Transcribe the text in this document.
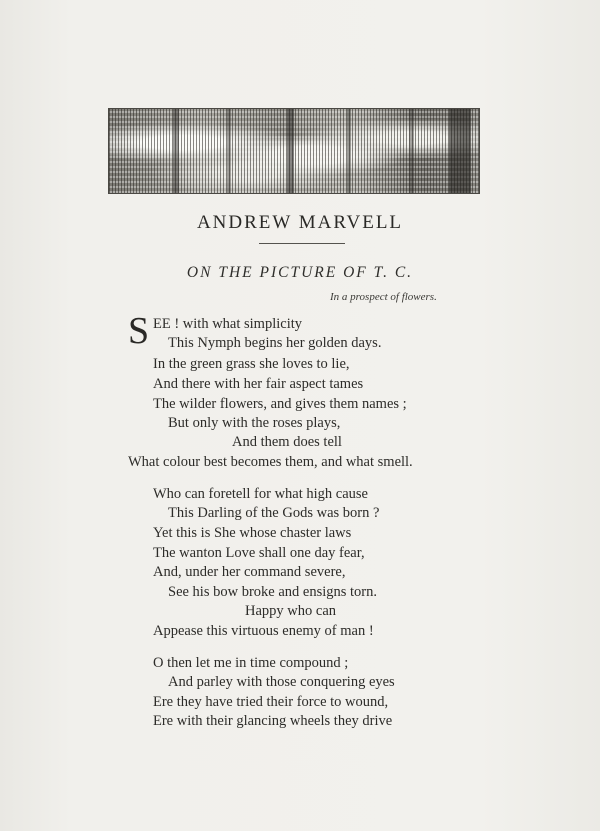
ANDREW MARVELL
ON THE PICTURE OF T. C.
In a prospect of flowers.
S EE ! with what simplicity
This Nymph begins her golden days.
In the green grass she loves to lie,
And there with her fair aspect tames
The wilder flowers, and gives them names ;
But only with the roses plays,
And them does tell
What colour best becomes them, and what smell.
Who can foretell for what high cause
This Darling of the Gods was born ?
Yet this is She whose chaster laws
The wanton Love shall one day fear,
And, under her command severe,
See his bow broke and ensigns torn.
Happy who can
Appease this virtuous enemy of man !
O then let me in time compound ;
And parley with those conquering eyes
Ere they have tried their force to wound,
Ere with their glancing wheels they drive
